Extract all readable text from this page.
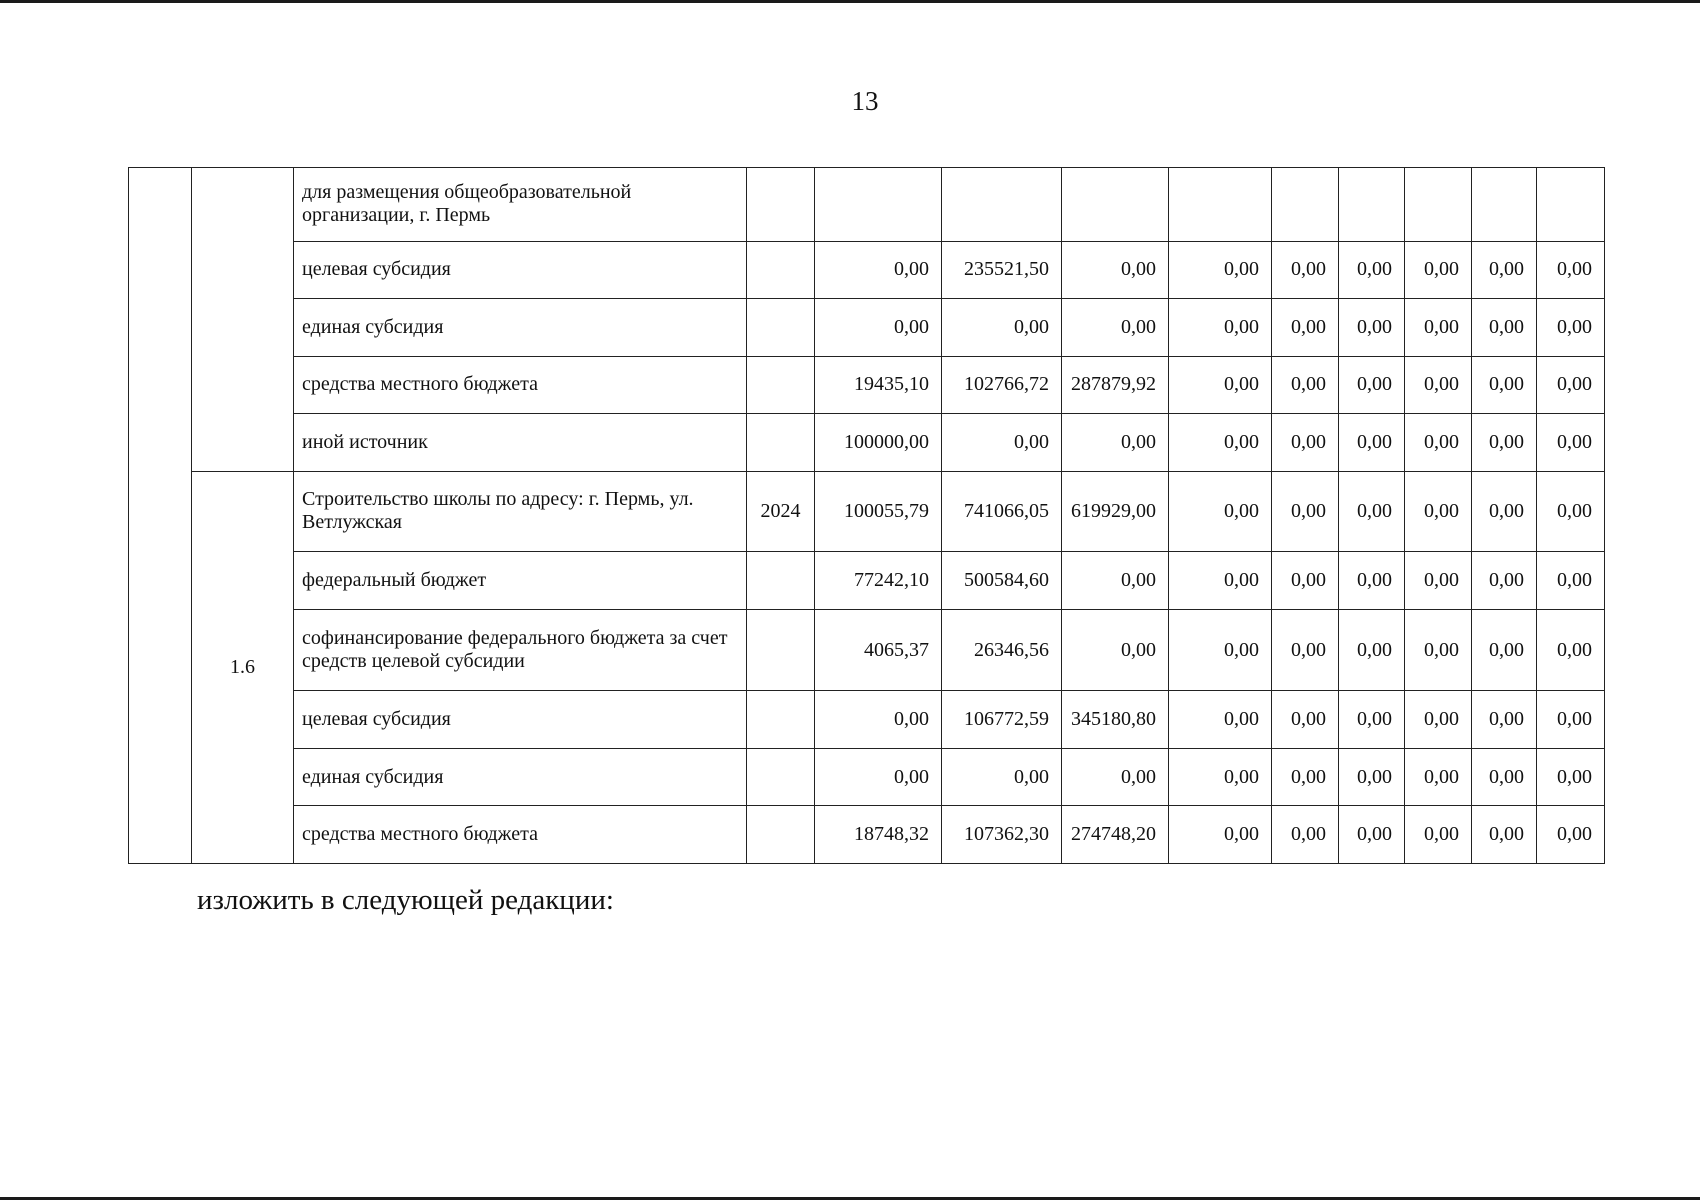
13
		для размещения общеобразовательной организации, г. Пермь										
		целевая субсидия		0,00	235521,50	0,00	0,00	0,00	0,00	0,00	0,00	0,00
		единая субсидия		0,00	0,00	0,00	0,00	0,00	0,00	0,00	0,00	0,00
		средства местного бюджета		19435,10	102766,72	287879,92	0,00	0,00	0,00	0,00	0,00	0,00
		иной источник		100000,00	0,00	0,00	0,00	0,00	0,00	0,00	0,00	0,00
	1.6	Строительство школы по адресу: г. Пермь, ул. Ветлужская	2024	100055,79	741066,05	619929,00	0,00	0,00	0,00	0,00	0,00	0,00
		федеральный бюджет		77242,10	500584,60	0,00	0,00	0,00	0,00	0,00	0,00	0,00
		софинансирование федерального бюджета за счет средств целевой субсидии		4065,37	26346,56	0,00	0,00	0,00	0,00	0,00	0,00	0,00
		целевая субсидия		0,00	106772,59	345180,80	0,00	0,00	0,00	0,00	0,00	0,00
		единая субсидия		0,00	0,00	0,00	0,00	0,00	0,00	0,00	0,00	0,00
		средства местного бюджета		18748,32	107362,30	274748,20	0,00	0,00	0,00	0,00	0,00	0,00
изложить в следующей редакции:
